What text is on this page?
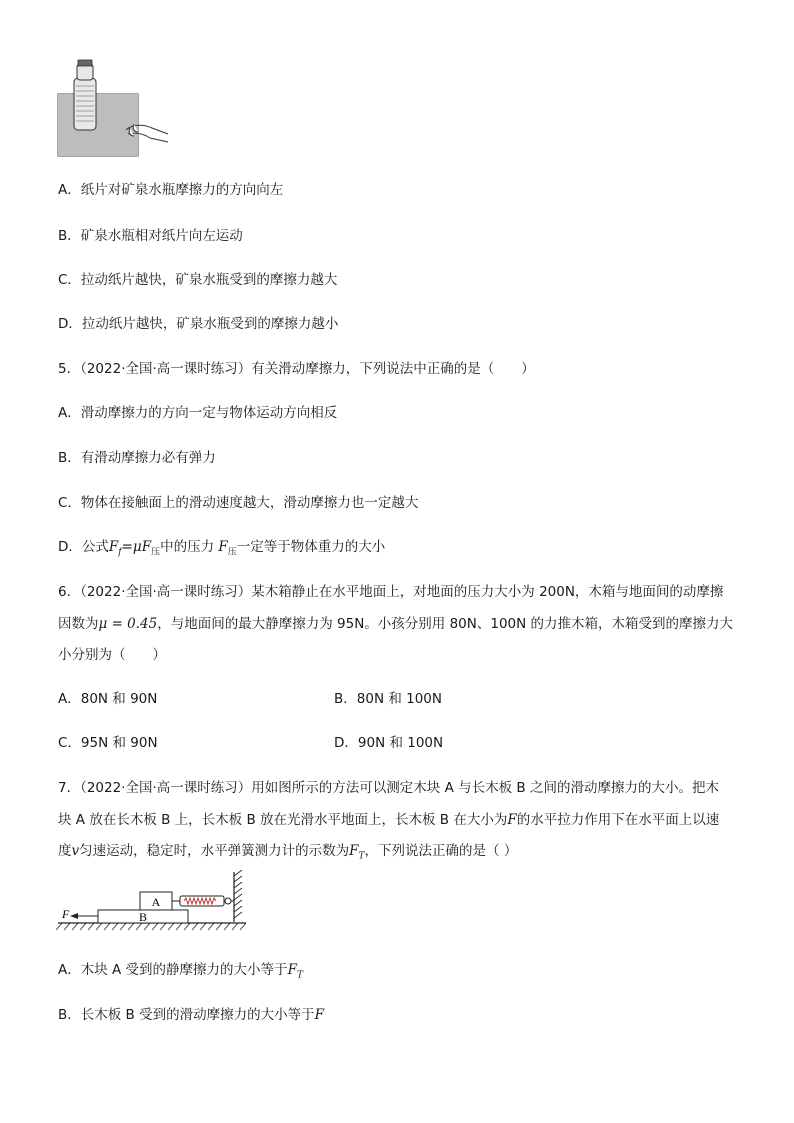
A．纸片对矿泉水瓶摩擦力的方向向左
B．矿泉水瓶相对纸片向左运动
C．拉动纸片越快，矿泉水瓶受到的摩擦力越大
D．拉动纸片越快，矿泉水瓶受到的摩擦力越小
5．（2022·全国·高一课时练习）有关滑动摩擦力，下列说法中正确的是（　　）
A．滑动摩擦力的方向一定与物体运动方向相反
B．有滑动摩擦力必有弹力
C．物体在接触面上的滑动速度越大，滑动摩擦力也一定越大
D．公式$F_f=\mu F_压$中的压力 $F_压$一定等于物体重力的大小
6．（2022·全国·高一课时练习）某木箱静止在水平地面上，对地面的压力大小为 200N，木箱与地面间的动摩擦
因数为μ = 0.45，与地面间的最大静摩擦力为 95N。小孩分别用 80N、100N 的力推木箱，木箱受到的摩擦力大
小分别为（　　）
A．80N 和 90N	B．80N 和 100N
C．95N 和 90N	D．90N 和 100N
7．（2022·全国·高一课时练习）用如图所示的方法可以测定木块 A 与长木板 B 之间的滑动摩擦力的大小。把木
块 A 放在长木板 B 上，长木板 B 放在光滑水平地面上，长木板 B 在大小为F的水平拉力作用下在水平面上以速
度v匀速运动，稳定时，水平弹簧测力计的示数为$F_T$，下列说法正确的是（ ）
A
B
F
A．木块 A 受到的静摩擦力的大小等于$F_T$
B．长木板 B 受到的滑动摩擦力的大小等于F
